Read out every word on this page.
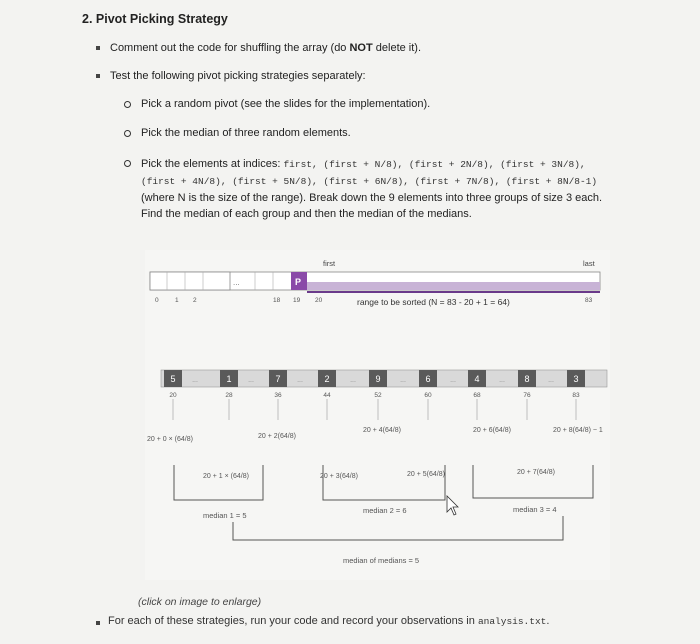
2. Pivot Picking Strategy
Comment out the code for shuffling the array (do NOT delete it).
Test the following pivot picking strategies separately:
Pick a random pivot (see the slides for the implementation).
Pick the median of three random elements.
Pick the elements at indices: first, (first + N/8), (first + 2N/8), (first + 3N/8), (first + 4N/8), (first + 5N/8), (first + 6N/8), (first + 7N/8), (first + 8N/8-1) (where N is the size of the range). Break down the 9 elements into three groups of size 3 each. Find the median of each group and then the median of the medians.
first	last
...	P
0	1 2	18 19 20	83
range to be sorted (N = 83 - 20 + 1 = 64)
5
20
1
28
7
36
2
44
9
52
6
60
4
68
8
76
3
83
...	...	...	...	...	...	...	...
20 + 0 × (64/8)
20 + 1 × (64/8)
20 + 2(64/8)
20 + 3(64/8)
20 + 4(64/8)
20 + 5(64/8)
20 + 6(64/8)
20 + 7(64/8)
20 + 8(64/8) − 1
median 1 = 5
median 2 = 6	median 3 = 4
median of medians = 5
(click on image to enlarge)
For each of these strategies, run your code and record your observations in analysis.txt.
